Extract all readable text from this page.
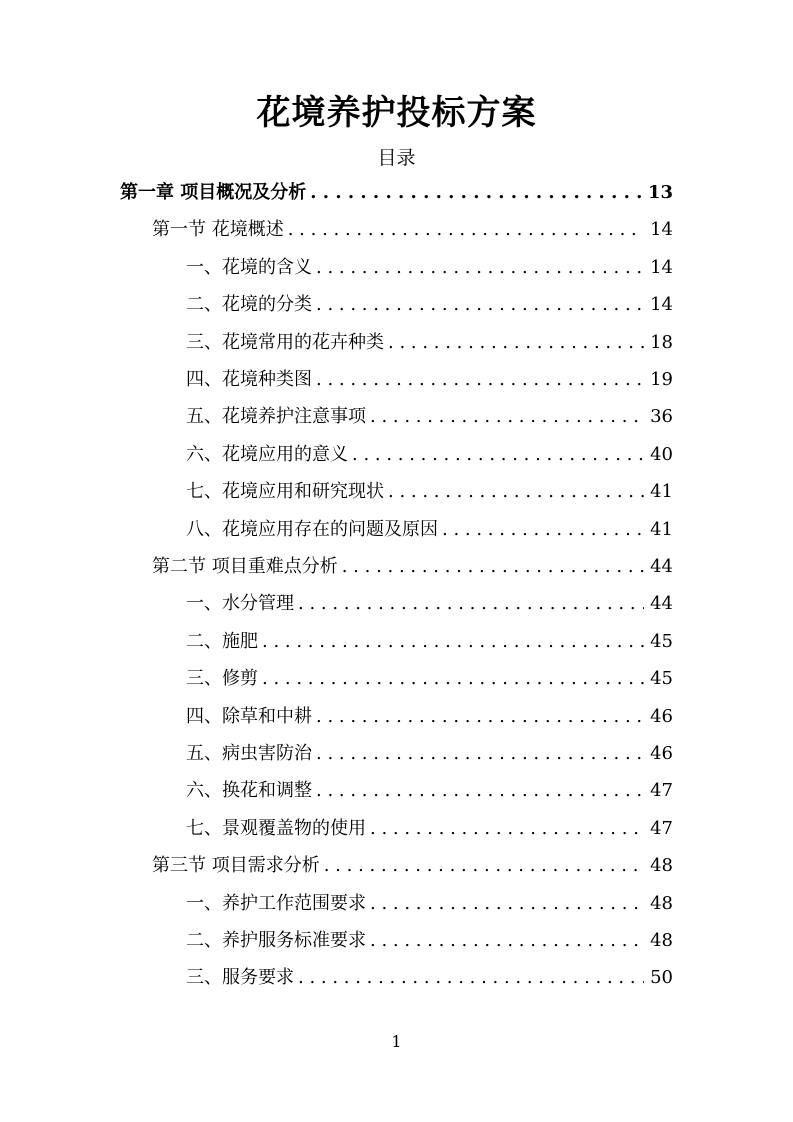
花境养护投标方案
目录
第一章 项目概况及分析 . . .	13
第一节 花境概述 . . .	14
一、花境的含义 . . .	14
二、花境的分类 . . .	14
三、花境常用的花卉种类 . . .	18
四、花境种类图 . . .	19
五、花境养护注意事项 . . .	36
六、花境应用的意义 . . .	40
七、花境应用和研究现状 . . .	41
八、花境应用存在的问题及原因 . . .	41
第二节 项目重难点分析 . . .	44
一、水分管理 . . .	44
二、施肥 . . .	45
三、修剪 . . .	45
四、除草和中耕 . . .	46
五、病虫害防治 . . .	46
六、换花和调整 . . .	47
七、景观覆盖物的使用 . . .	47
第三节 项目需求分析 . . .	48
一、养护工作范围要求 . . .	48
二、养护服务标准要求 . . .	48
三、服务要求 . . .	50
1
